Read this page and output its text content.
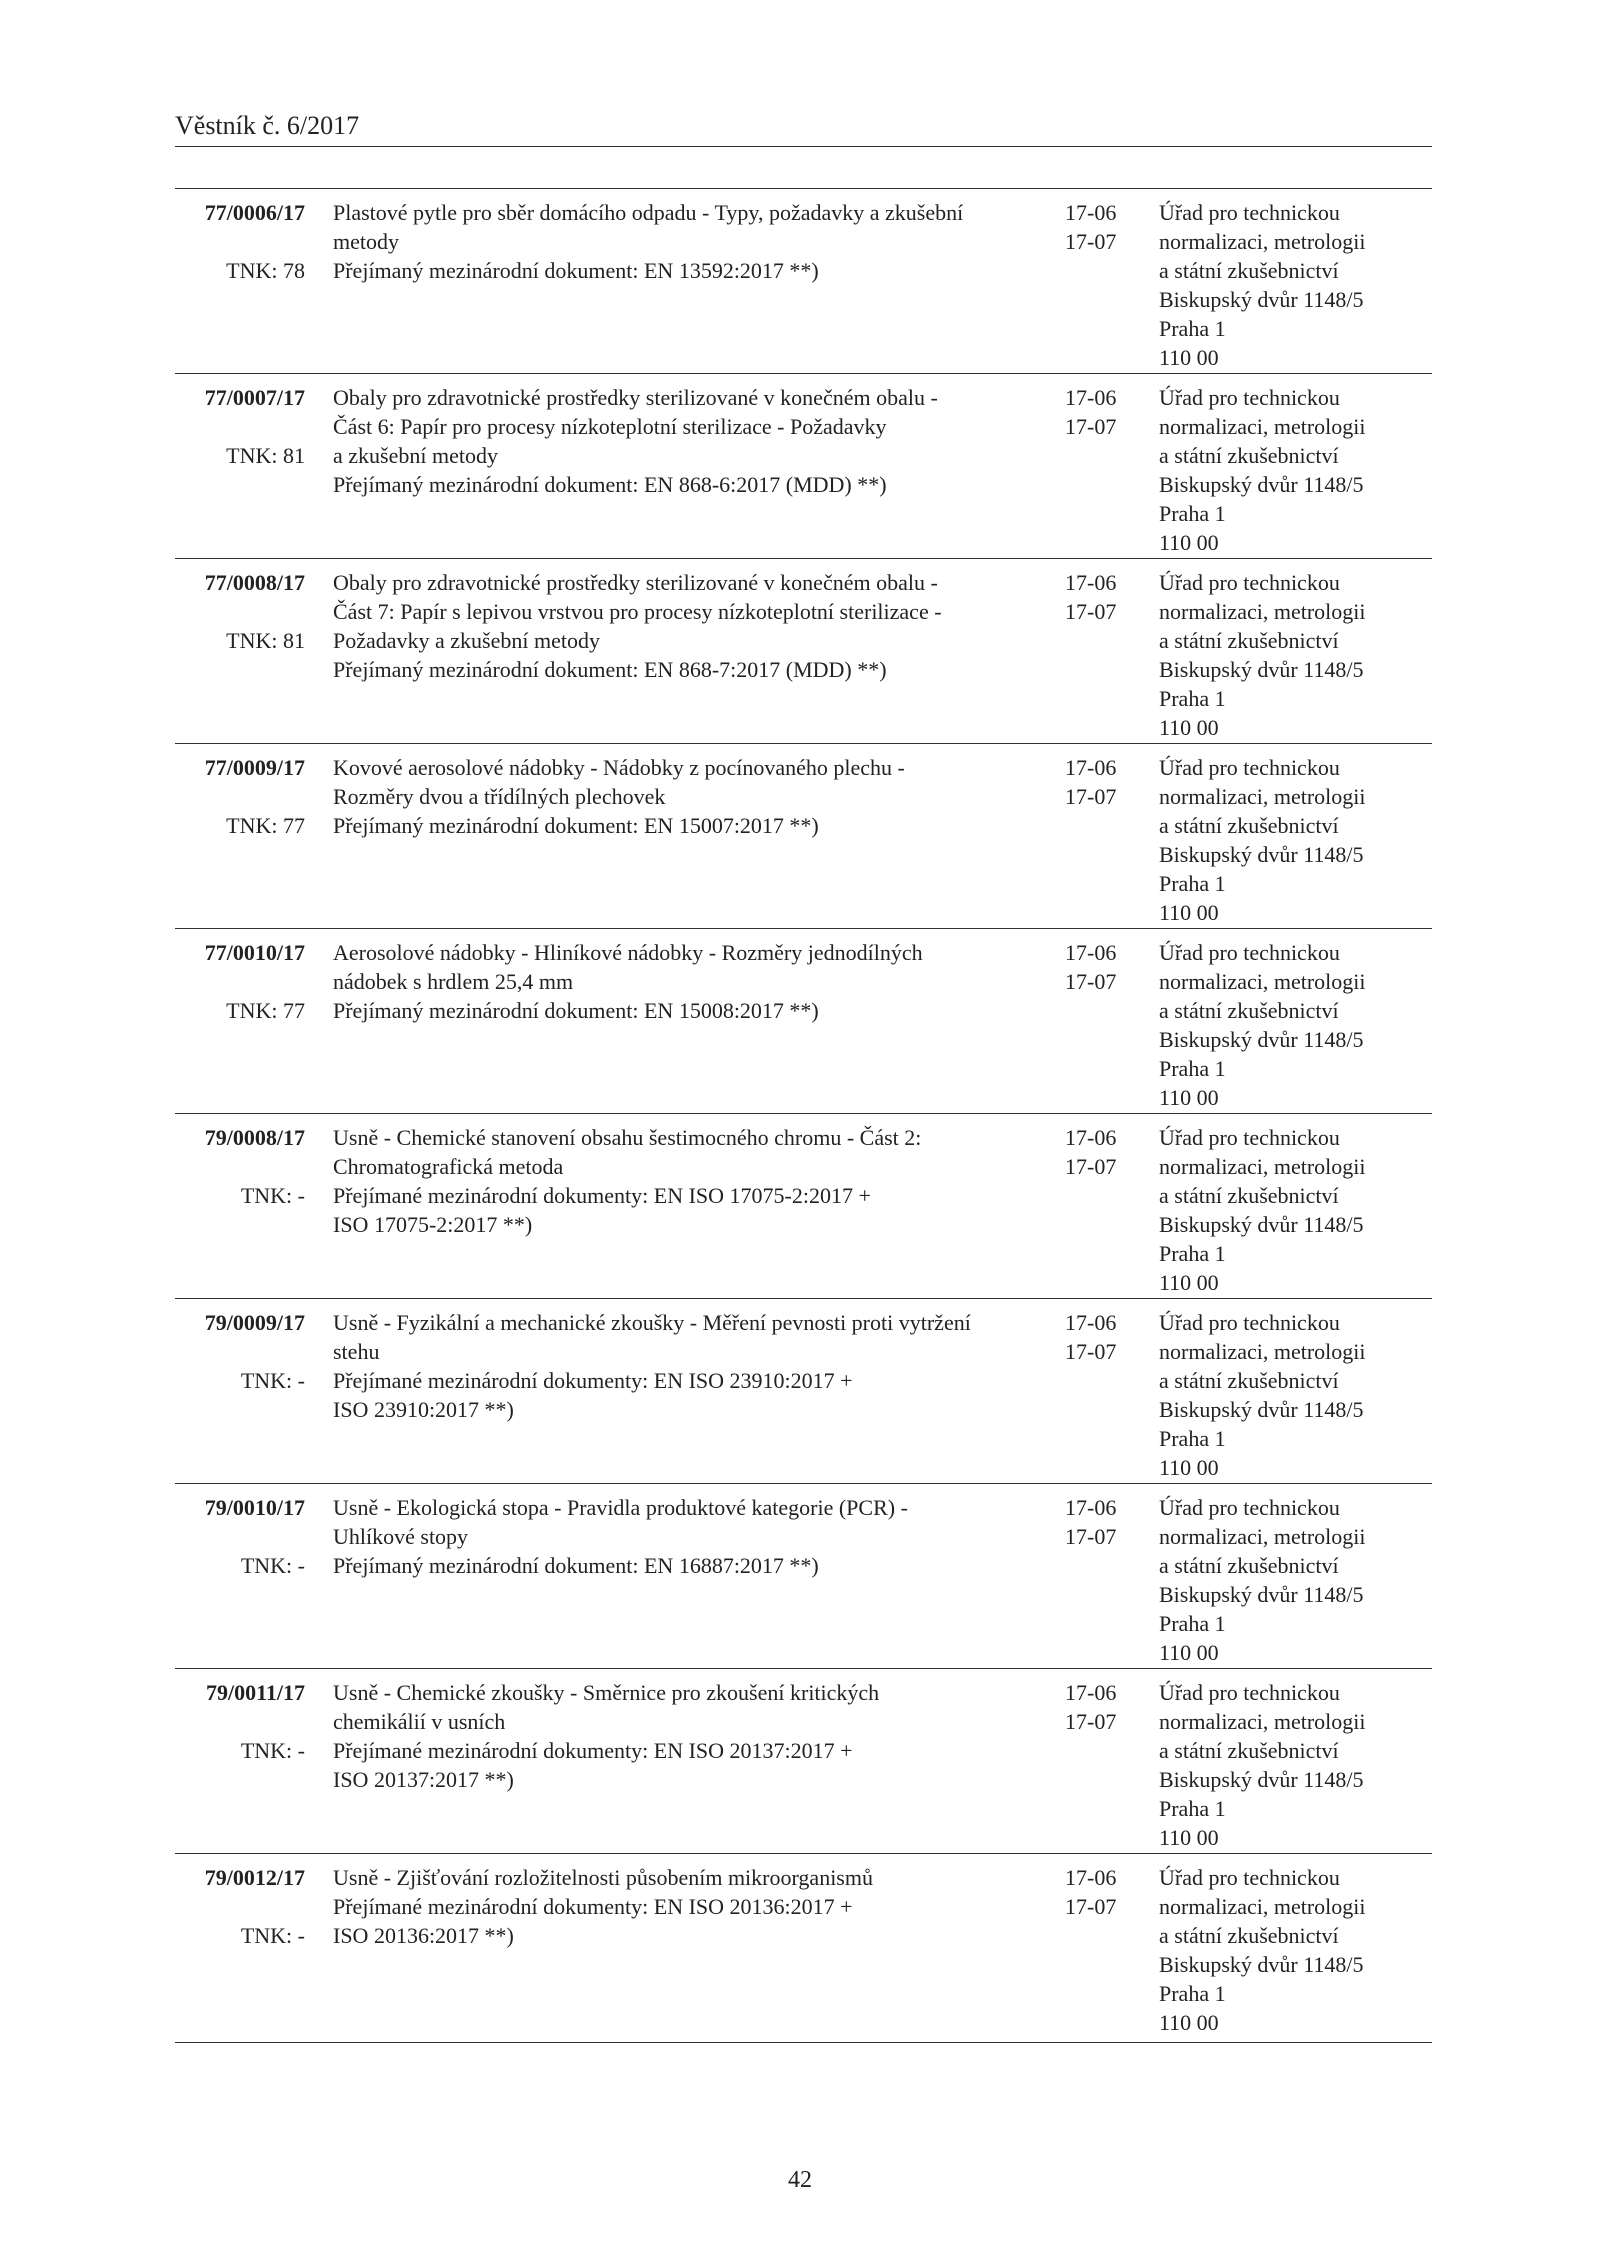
Věstník č. 6/2017
77/0006/17
TNK: 78
Plastové pytle pro sběr domácího odpadu - Typy, požadavky a zkušební
metody
Přejímaný mezinárodní dokument: EN 13592:2017 **)
17-06
17-07
Úřad pro technickou
normalizaci, metrologii
a státní zkušebnictví
Biskupský dvůr 1148/5
Praha 1
110 00
77/0007/17
TNK: 81
Obaly pro zdravotnické prostředky sterilizované v konečném obalu -
Část 6: Papír pro procesy nízkoteplotní sterilizace - Požadavky
a zkušební metody
Přejímaný mezinárodní dokument: EN 868-6:2017 (MDD) **)
17-06
17-07
Úřad pro technickou
normalizaci, metrologii
a státní zkušebnictví
Biskupský dvůr 1148/5
Praha 1
110 00
77/0008/17
TNK: 81
Obaly pro zdravotnické prostředky sterilizované v konečném obalu -
Část 7: Papír s lepivou vrstvou pro procesy nízkoteplotní sterilizace -
Požadavky a zkušební metody
Přejímaný mezinárodní dokument: EN 868-7:2017 (MDD) **)
17-06
17-07
Úřad pro technickou
normalizaci, metrologii
a státní zkušebnictví
Biskupský dvůr 1148/5
Praha 1
110 00
77/0009/17
TNK: 77
Kovové aerosolové nádobky - Nádobky z pocínovaného plechu -
Rozměry dvou a třídílných plechovek
Přejímaný mezinárodní dokument: EN 15007:2017 **)
17-06
17-07
Úřad pro technickou
normalizaci, metrologii
a státní zkušebnictví
Biskupský dvůr 1148/5
Praha 1
110 00
77/0010/17
TNK: 77
Aerosolové nádobky - Hliníkové nádobky - Rozměry jednodílných
nádobek s hrdlem 25,4 mm
Přejímaný mezinárodní dokument: EN 15008:2017 **)
17-06
17-07
Úřad pro technickou
normalizaci, metrologii
a státní zkušebnictví
Biskupský dvůr 1148/5
Praha 1
110 00
79/0008/17
TNK: -
Usně - Chemické stanovení obsahu šestimocného chromu - Část 2:
Chromatografická metoda
Přejímané mezinárodní dokumenty: EN ISO 17075-2:2017 +
ISO 17075-2:2017 **)
17-06
17-07
Úřad pro technickou
normalizaci, metrologii
a státní zkušebnictví
Biskupský dvůr 1148/5
Praha 1
110 00
79/0009/17
TNK: -
Usně - Fyzikální a mechanické zkoušky - Měření pevnosti proti vytržení
stehu
Přejímané mezinárodní dokumenty: EN ISO 23910:2017 +
ISO 23910:2017 **)
17-06
17-07
Úřad pro technickou
normalizaci, metrologii
a státní zkušebnictví
Biskupský dvůr 1148/5
Praha 1
110 00
79/0010/17
TNK: -
Usně - Ekologická stopa - Pravidla produktové kategorie (PCR) -
Uhlíkové stopy
Přejímaný mezinárodní dokument: EN 16887:2017 **)
17-06
17-07
Úřad pro technickou
normalizaci, metrologii
a státní zkušebnictví
Biskupský dvůr 1148/5
Praha 1
110 00
79/0011/17
TNK: -
Usně - Chemické zkoušky - Směrnice pro zkoušení kritických
chemikálií v usních
Přejímané mezinárodní dokumenty: EN ISO 20137:2017 +
ISO 20137:2017 **)
17-06
17-07
Úřad pro technickou
normalizaci, metrologii
a státní zkušebnictví
Biskupský dvůr 1148/5
Praha 1
110 00
79/0012/17
TNK: -
Usně - Zjišťování rozložitelnosti působením mikroorganismů
Přejímané mezinárodní dokumenty: EN ISO 20136:2017 +
ISO 20136:2017 **)
17-06
17-07
Úřad pro technickou
normalizaci, metrologii
a státní zkušebnictví
Biskupský dvůr 1148/5
Praha 1
110 00
42
